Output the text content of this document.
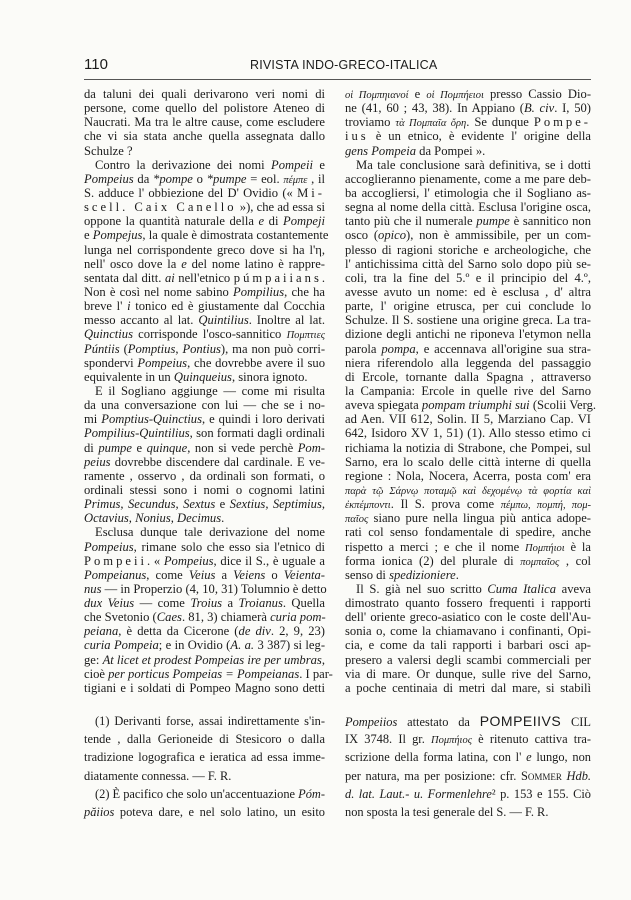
110	RIVISTA INDO-GRECO-ITALICA
da taluni dei quali derivarono veri nomi di
persone, come quello del polistore Ateneo di
Naucrati. Ma tra le altre cause, come escludere
che vi sia stata anche quella assegnata dallo
Schulze ?
Contro la derivazione dei nomi Pompeii e
Pompeius da *pompe o *pumpe = eol. πέμπε , il
S. adduce l' obbiezione del D' Ovidio (« Mi-
scell. Caix Canello »), che ad essa si
oppone la quantità naturale della e di Pompeji
e Pompejus, la quale è dimostrata costantemente
lunga nel corrispondente greco dove si ha l'η,
nell' osco dove la e del nome latino è rappre-
sentata dal ditt. ai nell'etnico púmpaiians.
Non è così nel nome sabino Pompilius, che ha
breve l' i tonico ed è giustamente dal Cocchia
messo accanto al lat. Quintilius. Inoltre al lat.
Quinctius corrisponde l'osco-sannitico Πομπτιες
Púntiis (Pomptius, Pontius), ma non può corri-
spondervi Pompeius, che dovrebbe avere il suo
equivalente in un Quinqueius, sinora ignoto.
E il Sogliano aggiunge — come mi risulta
da una conversazione con lui — che se i no-
mi Pomptius-Quinctius, e quindi i loro derivati
Pompilius-Quintilius, son formati dagli ordinali
di pumpe e quinque, non si vede perchè Pom-
peius dovrebbe discendere dal cardinale. E ve-
ramente , osservo , da ordinali son formati, o
ordinali stessi sono i nomi o cognomi latini
Primus, Secundus, Sextus e Sextius, Septimius,
Octavius, Nonius, Decimus.
Esclusa dunque tale derivazione del nome
Pompeius, rimane solo che esso sia l'etnico di
Pompeii. « Pompeius, dice il S., è uguale a
Pompeianus, come Veius a Veiens o Veienta-
nus — in Properzio (4, 10, 31) Tolumnio è detto
dux Veius — come Troius a Troianus. Quella
che Svetonio (Caes. 81, 3) chiamerà curia pom-
peiana, è detta da Cicerone (de div. 2, 9, 23)
curia Pompeia; e in Ovidio (A. a. 3 387) si leg-
ge: At licet et prodest Pompeias ire per umbras,
cioè per porticus Pompeias = Pompeianas. I par-
tigiani e i soldati di Pompeo Magno sono detti
οἱ Πομπηιανοί e οἱ Πομπήειοι presso Cassio Dio-
ne (41, 60 ; 43, 38). In Appiano (B. civ. I, 50)
troviamo τὰ Πομπαῖα ὄρη. Se dunque Pompe-
ius è un etnico, è evidente l' origine della
gens Pompeia da Pompei ».
Ma tale conclusione sarà definitiva, se i dotti
accoglieranno pienamente, come a me pare deb-
ba accogliersi, l' etimologia che il Sogliano as-
segna al nome della città. Esclusa l'origine osca,
tanto più che il numerale pumpe è sannitico non
osco (opico), non è ammissibile, per un com-
plesso di ragioni storiche e archeologiche, che
l' antichissima città del Sarno solo dopo più se-
coli, tra la fine del 5.º e il principio del 4.º,
avesse avuto un nome: ed è esclusa , d' altra
parte, l' origine etrusca, per cui conclude lo
Schulze. Il S. sostiene una origine greca. La tra-
dizione degli antichi ne riponeva l'etymon nella
parola pompa, e accennava all'origine sua stra-
niera riferendolo alla leggenda del passaggio
di Ercole, tornante dalla Spagna , attraverso
la Campania: Ercole in quelle rive del Sarno
aveva spiegata pompam triumphi sui (Scolii Verg.
ad Aen. VII 612, Solin. II 5, Marziano Cap. VI
642, Isidoro XV 1, 51) (1). Allo stesso etimo ci
richiama la notizia di Strabone, che Pompei, sul
Sarno, era lo scalo delle città interne di quella
regione : Nola, Nocera, Acerra, posta com' era
παρὰ τῷ Σάρνῳ ποταμῷ καὶ δεχομένῳ τὰ φορτία καὶ
ἐκπέμποντι. Il S. prova come πέμπω, πομπή, πομ-
παῖος siano pure nella lingua più antica adope-
rati col senso fondamentale di spedire, anche
rispetto a merci ; e che il nome Πομπήιοι è la
forma ionica (2) del plurale di πομπαῖος , col
senso di spedizioniere.
Il S. già nel suo scritto Cuma Italica aveva
dimostrato quanto fossero frequenti i rapporti
dell' oriente greco-asiatico con le coste dell'Au-
sonia o, come la chiamavano i confinanti, Opi-
cia, e come da tali rapporti i barbari osci ap-
presero a valersi degli scambi commerciali per
via di mare. Or dunque, sulle rive del Sarno,
a poche centinaia di metri dal mare, si stabilì
(1) Derivanti forse, assai indirettamente s'in-
tende , dalla Gerioneide di Stesicoro o dalla
tradizione logografica e ieratica ad essa imme-
diatamente connessa. — F. R.
(2) È pacifico che solo un'accentuazione Póm-
păiios poteva dare, e nel solo latino, un esito
Pompeiios attestato da POMPEIIVS CIL
IX 3748. Il gr. Πομπήιος è ritenuto cattiva tra-
scrizione della forma latina, con l' e lungo, non
per natura, ma per posizione: cfr. Sommer Hdb.
d. lat. Laut.- u. Formenlehre² p. 153 e 155. Ciò
non sposta la tesi generale del S. — F. R.
